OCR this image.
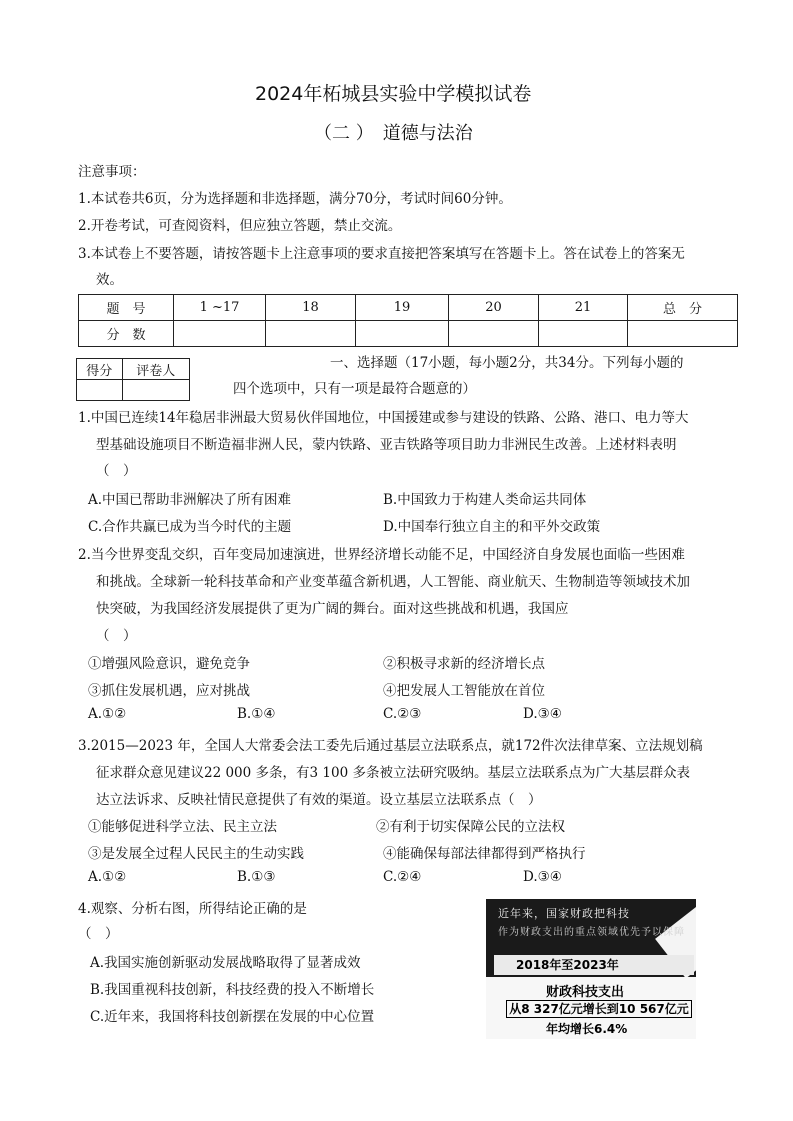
2024年柘城县实验中学模拟试卷
（二 ）　道德与法治
注意事项：
1.本试卷共6页，分为选择题和非选择题，满分70分，考试时间60分钟。
2.开卷考试，可查阅资料，但应独立答题，禁止交流。
3.本试卷上不要答题，请按答题卡上注意事项的要求直接把答案填写在答题卡上。答在试卷上的答案无
效。
题　号	1 ~17	18	19	20	21	总　分
分　数						
得分	评卷人
		一、选择题（17小题，每小题2分，共34分。下列每小题的
四个选项中，只有一项是最符合题意的）
1.中国已连续14年稳居非洲最大贸易伙伴国地位，中国援建或参与建设的铁路、公路、港口、电力等大
型基础设施项目不断造福非洲人民，蒙内铁路、亚吉铁路等项目助力非洲民生改善。上述材料表明
（　）
A.中国已帮助非洲解决了所有困难	B.中国致力于构建人类命运共同体
C.合作共赢已成为当今时代的主题	D.中国奉行独立自主的和平外交政策
2.当今世界变乱交织，百年变局加速演进，世界经济增长动能不足，中国经济自身发展也面临一些困难
和挑战。全球新一轮科技革命和产业变革蕴含新机遇，人工智能、商业航天、生物制造等领域技术加
快突破，为我国经济发展提供了更为广阔的舞台。面对这些挑战和机遇，我国应
（　）
①增强风险意识，避免竞争	②积极寻求新的经济增长点
③抓住发展机遇，应对挑战	④把发展人工智能放在首位
A.①②	B.①④	C.②③	D.③④
3.2015—2023 年，全国人大常委会法工委先后通过基层立法联系点，就172件次法律草案、立法规划稿
征求群众意见建议22 000 多条，有3 100 多条被立法研究吸纳。基层立法联系点为广大基层群众表
达立法诉求、反映社情民意提供了有效的渠道。设立基层立法联系点（　）
①能够促进科学立法、民主立法	②有利于切实保障公民的立法权
③是发展全过程人民民主的生动实践	④能确保每部法律都得到严格执行
A.①②	B.①③	C.②④	D.③④
4.观察、分析右图，所得结论正确的是
（　）
A.我国实施创新驱动发展战略取得了显著成效
B.我国重视科技创新，科技经费的投入不断增长
C.近年来，我国将科技创新摆在发展的中心位置
近年来，国家财政把科技
作为财政支出的重点领域优先予以保障
2018年至2023年
财政科技支出
从8 327亿元增长到10 567亿元
年均增长6.4%
